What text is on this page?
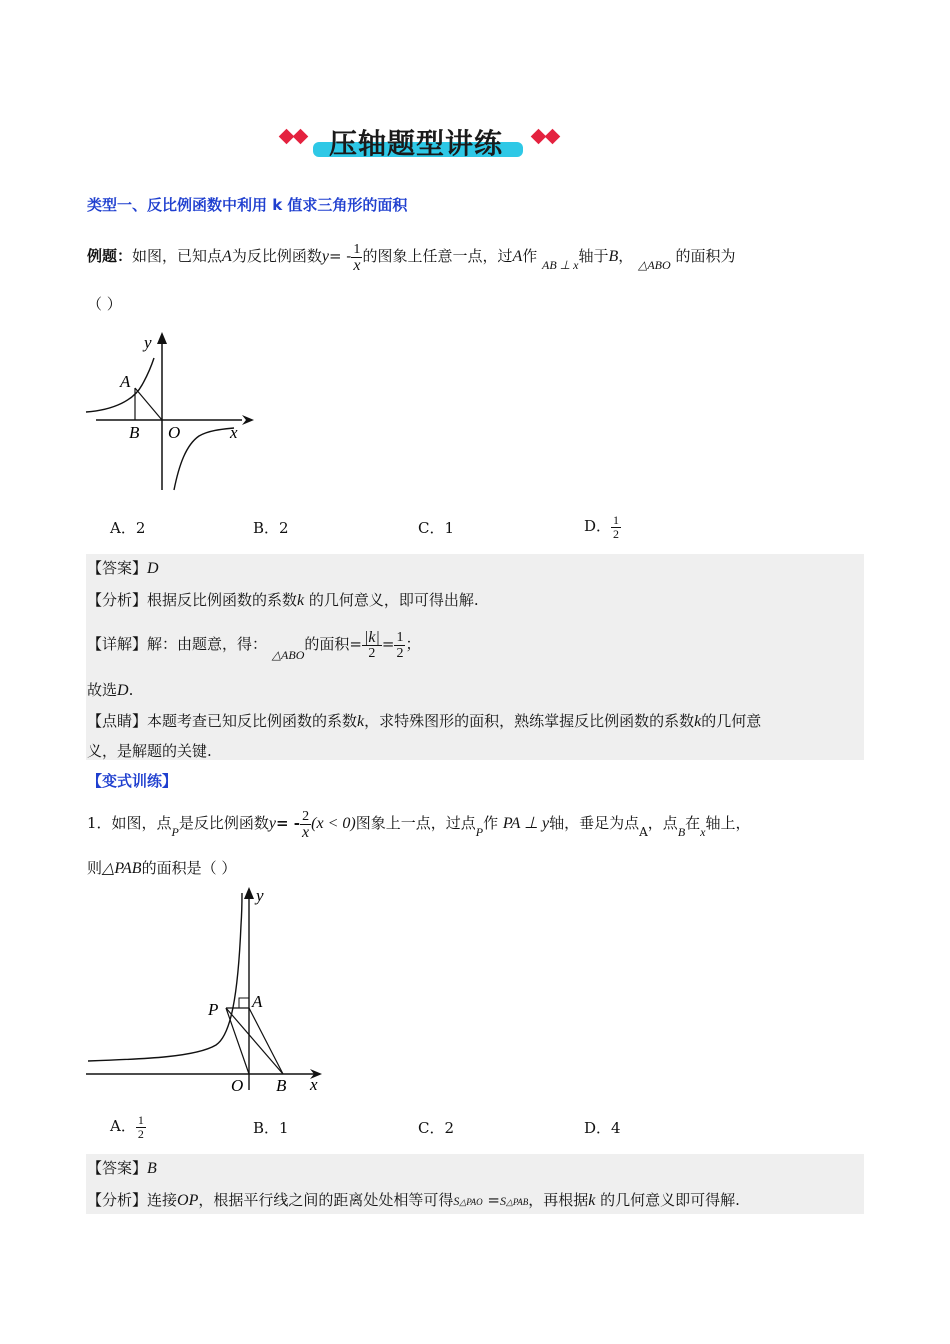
压轴题型讲练
类型一、反比例函数中利用 k 值求三角形的面积
例题：如图，已知点A为反比例函数$y= - \frac{1}{x}$ 的图象上任意一点，过A作 $_{AB \perp x}$轴于B， $_{\triangle ABO}$ 的面积为
（ ）
y
A
B O	x
A．2	B．2	C．1	D． $\frac{1}{2}$
【答案】D
【分析】根据反比例函数的系数k 的几何意义，即可得出解.
【详解】解：由题意，得： $_{\triangle ABO}$的面积= $\frac{|k|}{2} = \frac{1}{2}$ ；
故选D.
【点睛】本题考查已知反比例函数的系数k，求特殊图形的面积，熟练掌握反比例函数的系数k的几何意
义，是解题的关键.
【变式训练】
1．如图，点$_P$是反比例函数$y= - \frac{2}{x} (x < 0)$图象上一点，过点$_P$作 PA ⊥ y轴，垂足为点$_A$，点$_B$在$_x$轴上，
则△PAB的面积是（ ）
y
P A
O B x
A． $\frac{1}{2}$	B．1	C．2	D．4
【答案】B
【分析】连接OP，根据平行线之间的距离处处相等可得S△PAO =S△PAB，再根据k 的几何意义即可得解.
